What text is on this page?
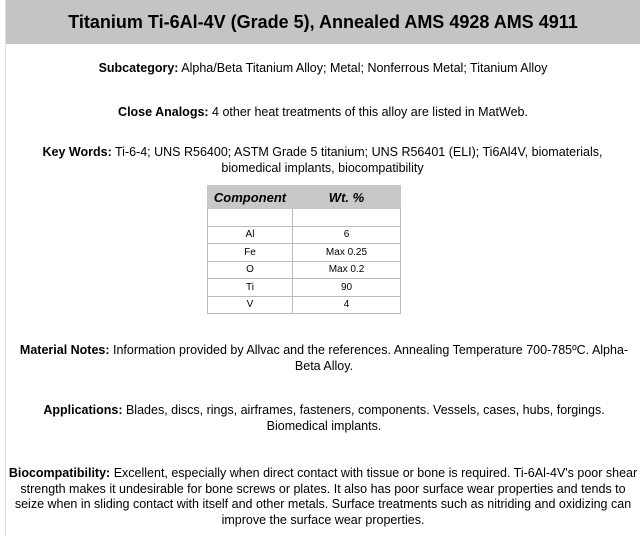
Titanium Ti-6Al-4V (Grade 5), Annealed AMS 4928 AMS 4911
Subcategory: Alpha/Beta Titanium Alloy; Metal; Nonferrous Metal; Titanium Alloy
Close Analogs: 4 other heat treatments of this alloy are listed in MatWeb.
Key Words: Ti-6-4; UNS R56400; ASTM Grade 5 titanium; UNS R56401 (ELI); Ti6Al4V, biomaterials, biomedical implants, biocompatibility
Component	Wt. %

Al	6
Fe	Max 0.25
O	Max 0.2
Ti	90
V	4
Material Notes: Information provided by Allvac and the references. Annealing Temperature 700-785ºC. Alpha-Beta Alloy.
Applications: Blades, discs, rings, airframes, fasteners, components. Vessels, cases, hubs, forgings. Biomedical implants.
Biocompatibility: Excellent, especially when direct contact with tissue or bone is required. Ti-6Al-4V's poor shear strength makes it undesirable for bone screws or plates. It also has poor surface wear properties and tends to seize when in sliding contact with itself and other metals. Surface treatments such as nitriding and oxidizing can improve the surface wear properties.
